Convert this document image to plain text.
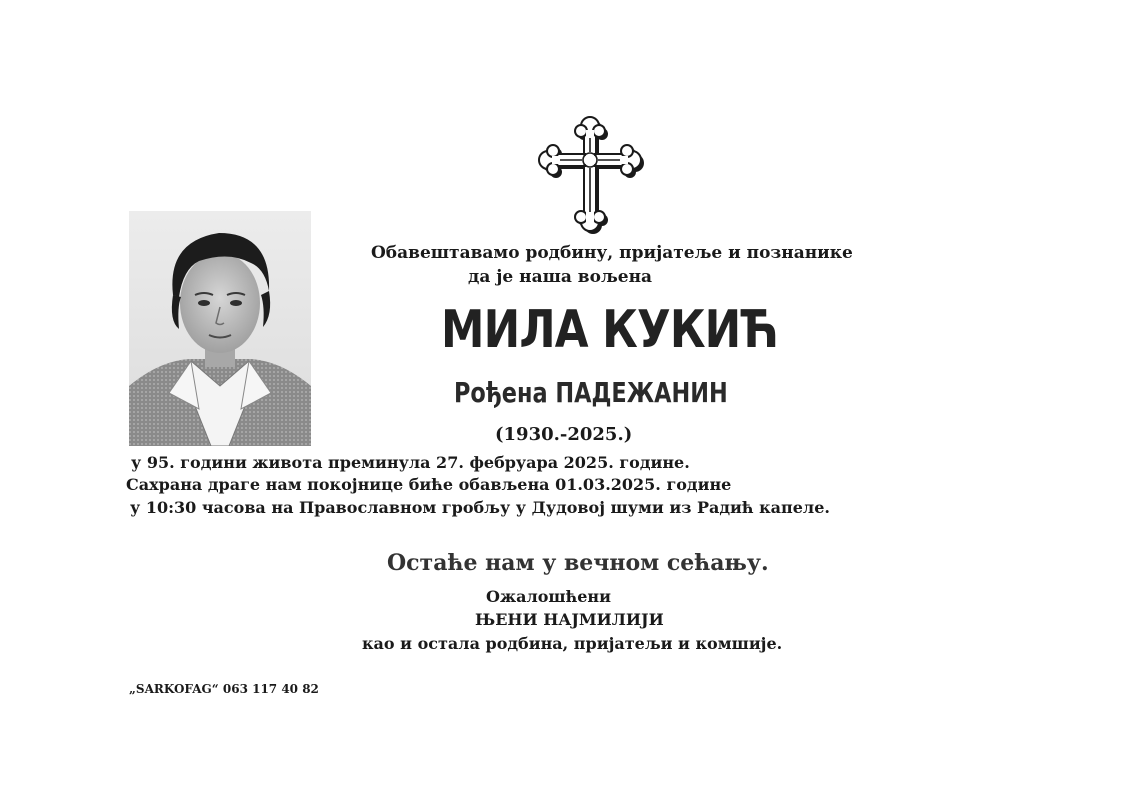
Обавештавамо родбину, пријатеље и познанике
да је наша вољена
МИЛА КУКИЋ
Рођена ПАДЕЖАНИН
(1930.-2025.)
у 95. години живота преминула 27. фебруара 2025. године.
Сахрана драге нам покојнице биће обављена 01.03.2025. године
у 10:30 часова на Православном гробљу у Дудовој шуми из Радић капеле.
Остаће нам у вечном сећању.
Ожалошћени
ЊЕНИ НАЈМИЛИЈИ
као и остала родбина, пријатељи и комшије.
„SARKOFAG“ 063 117 40 82
